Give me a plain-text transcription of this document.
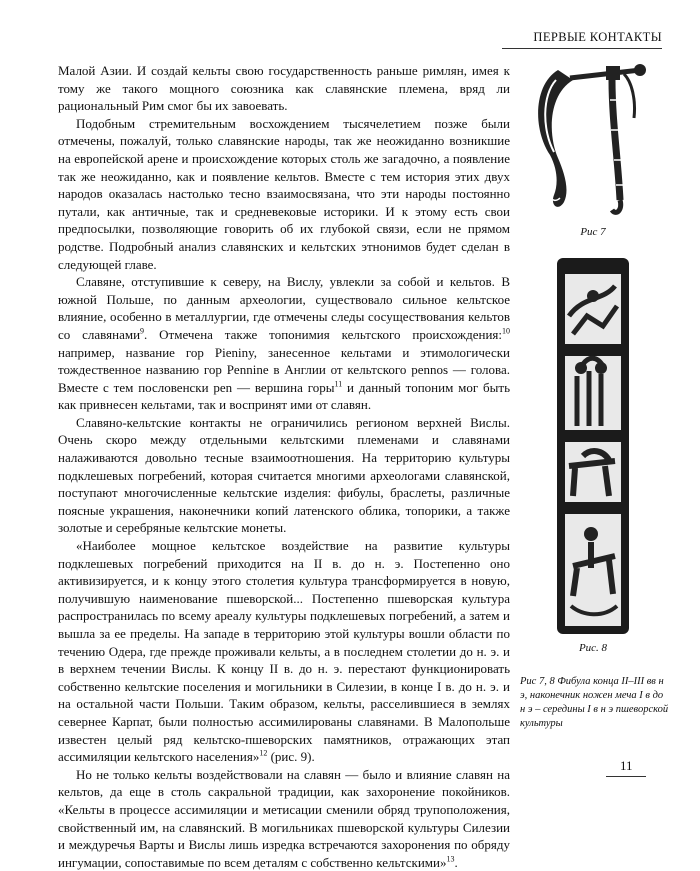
ПЕРВЫЕ КОНТАКТЫ

Малой Азии. И создай кельты свою государственность раньше римлян, имея к тому же такого мощного союзника как славянские племена, вряд ли рациональный Рим смог бы их завоевать.

Подобным стремительным восхождением тысячелетием позже были отмечены, пожалуй, только славянские народы, так же неожиданно возникшие на европейской арене и происхождение которых столь же загадочно, а появление так же неожиданно, как и появление кельтов. Вместе с тем история этих двух народов оказалась настолько тесно взаимосвязана, что эти народы постоянно путали, как античные, так и средневековые историки. И к этому есть свои предпосылки, позволяющие говорить об их глубокой связи, если не прямом родстве. Подробный анализ славянских и кельтских этнонимов будет сделан в следующей главе.

Славяне, отступившие к северу, на Вислу, увлекли за собой и кельтов. В южной Польше, по данным археологии, существовало сильное кельтское влияние, особенно в металлургии, где отмечены следы сосуществования кельтов со славянами$^9$. Отмечена также топонимия кельтского происхождения:$^{10}$ например, название гор Pieniny, занесенное кельтами и этимологически тождественное названию гор Pennine в Англии от кельтского pennos — голова. Вместе с тем пословенски pen — вершина горы$^{11}$ и данный топоним мог быть как привнесен кельтами, так и воспринят ими от славян.

Славяно-кельтские контакты не ограничились регионом верхней Вислы. Очень скоро между отдельными кельтскими племенами и славянами налаживаются довольно тесные взаимоотношения. На территорию культуры подклешевых погребений, которая считается многими археологами славянской, поступают многочисленные кельтские изделия: фибулы, браслеты, различные поясные украшения, наконечники копий латенского облика, топорики, а также золотые и серебряные кельтские монеты.

«Наиболее мощное кельтское воздействие на развитие культуры подклешевых погребений приходится на II в. до н. э. Постепенно оно активизируется, и к концу этого столетия культура трансформируется в новую, получившую наименование пшеворской... Постепенно пшеворская культура распространилась по всему ареалу культуры подклешевых погребений, а затем и вышла за ее пределы. На западе в территорию этой культуры вошли области по течению Одера, где прежде проживали кельты, а в последнем столетии до н. э. и в верхнем течении Вислы. К концу II в. до н. э. перестают функционировать собственно кельтские поселения и могильники в Силезии, в конце I в. до н. э. и на остальной части Польши. Таким образом, кельты, расселившиеся в землях севернее Карпат, были полностью ассимилированы славянами. В Малопольше известен целый ряд кельтско-пшеворских памятников, отражающих этап ассимиляции кельтского населения»$^{12}$ (рис. 9).

Но не только кельты воздействовали на славян — было и влияние славян на кельтов, да еще в столь сакральной традиции, как захоронение покойников. «Кельты в процессе ассимиляции и метисации сменили обряд трупоположения, свойственный им, на славянский. В могильниках пшеворской культуры Силезии и междуречья Варты и Вислы лишь изредка встречаются захоронения по обряду ингумации, сопоставимые по всем деталям с собственно кельтскими»$^{13}$.

Рис 7
Рис. 8
Рис 7, 8 Фибула конца II–III вв н э, наконечник ножен меча I в до н э – середины I в н э пшеворской культуры
11
